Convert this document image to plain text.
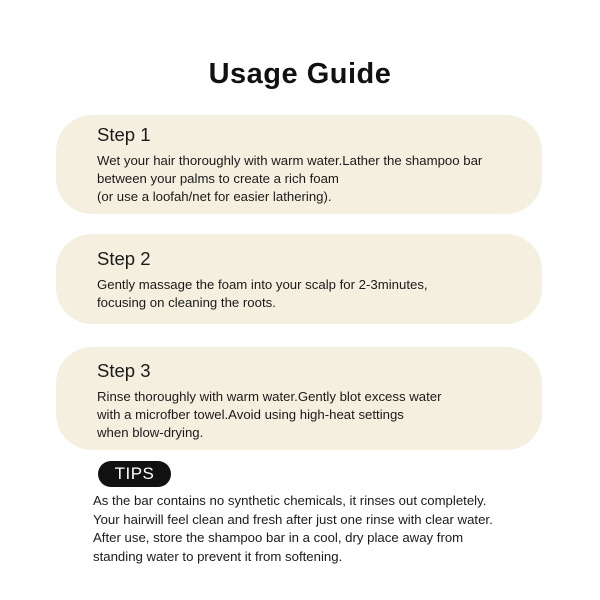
Usage Guide
Step 1
Wet your hair thoroughly with warm water.Lather the shampoo bar
between your palms to create a rich foam
(or use a loofah/net for easier lathering).
Step 2
Gently massage the foam into your scalp for 2-3minutes,
focusing on cleaning the roots.
Step 3
Rinse thoroughly with warm water.Gently blot excess water
with a microfber towel.Avoid using high-heat settings
when blow-drying.
TIPS
As the bar contains no synthetic chemicals, it rinses out completely.
Your hairwill feel clean and fresh after just one rinse with clear water.
After use, store the shampoo bar in a cool, dry place away from
standing water to prevent it from softening.
